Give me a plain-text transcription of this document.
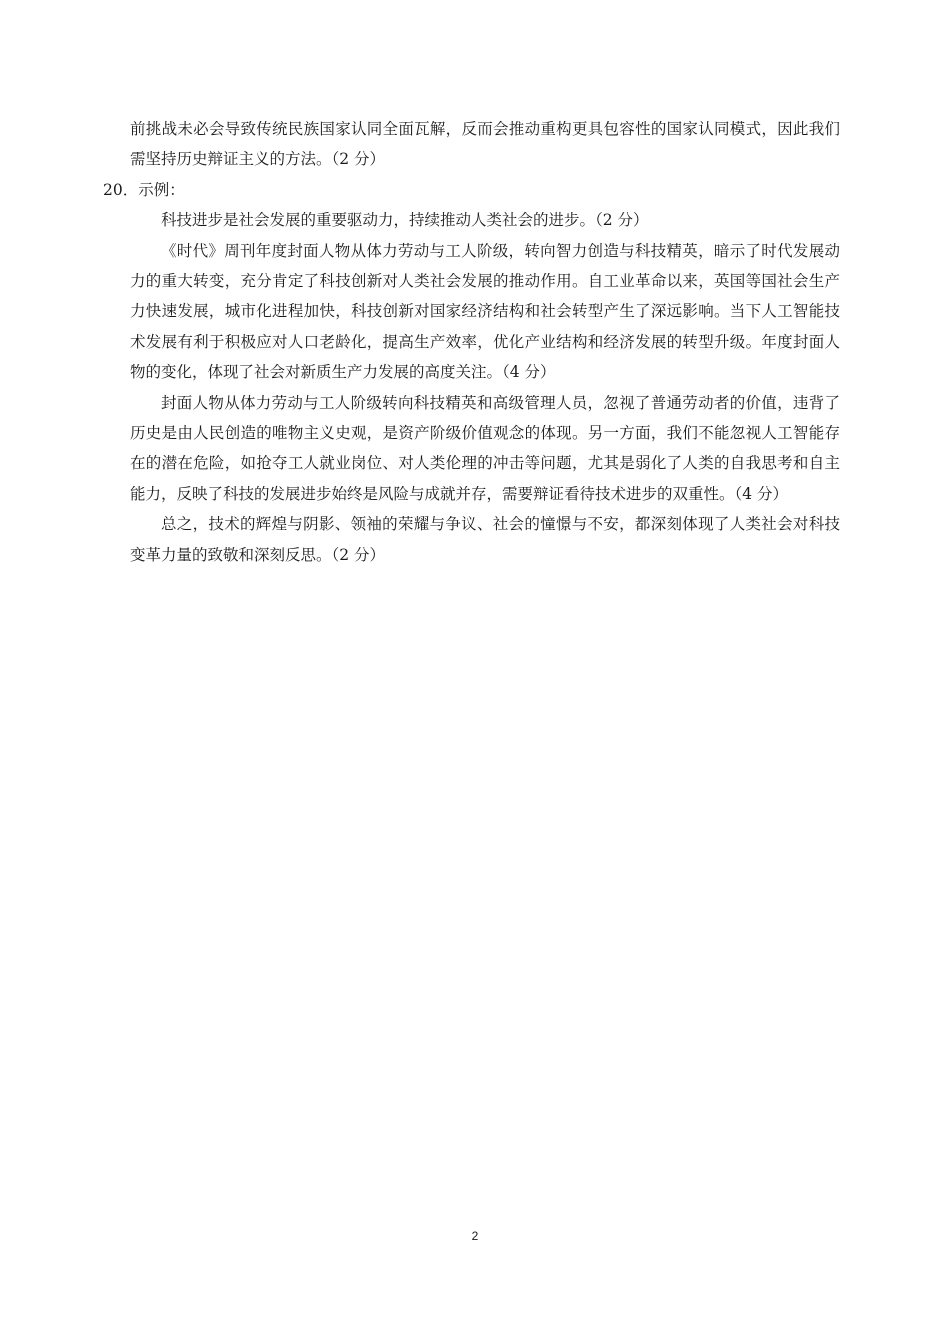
前挑战未必会导致传统民族国家认同全面瓦解，反而会推动重构更具包容性的国家认同模式，因此我们需坚持历史辩证主义的方法。（2 分）

20．示例：

科技进步是社会发展的重要驱动力，持续推动人类社会的进步。（2 分）

《时代》周刊年度封面人物从体力劳动与工人阶级，转向智力创造与科技精英，暗示了时代发展动力的重大转变，充分肯定了科技创新对人类社会发展的推动作用。自工业革命以来，英国等国社会生产力快速发展，城市化进程加快，科技创新对国家经济结构和社会转型产生了深远影响。当下人工智能技术发展有利于积极应对人口老龄化，提高生产效率，优化产业结构和经济发展的转型升级。年度封面人物的变化，体现了社会对新质生产力发展的高度关注。（4 分）

封面人物从体力劳动与工人阶级转向科技精英和高级管理人员，忽视了普通劳动者的价值，违背了历史是由人民创造的唯物主义史观，是资产阶级价值观念的体现。另一方面，我们不能忽视人工智能存在的潜在危险，如抢夺工人就业岗位、对人类伦理的冲击等问题，尤其是弱化了人类的自我思考和自主能力，反映了科技的发展进步始终是风险与成就并存，需要辩证看待技术进步的双重性。（4 分）

总之，技术的辉煌与阴影、领袖的荣耀与争议、社会的憧憬与不安，都深刻体现了人类社会对科技变革力量的致敬和深刻反思。（2 分）

2
